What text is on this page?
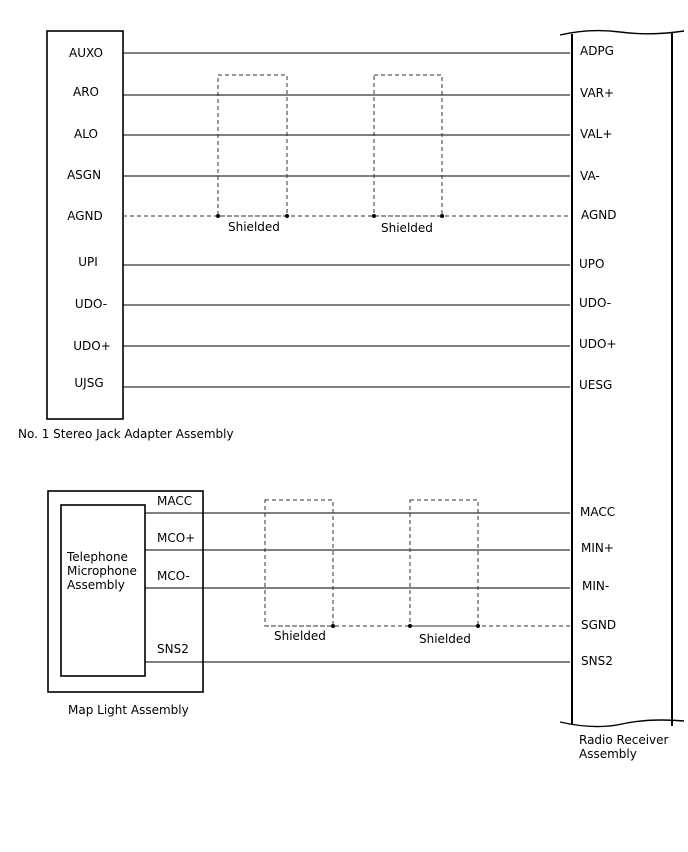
AUXO
ARO
ALO
ASGN
AGND
UPI
UDO-
UDO+
UJSG
No. 1 Stereo Jack Adapter Assembly
ADPG
VAR+
VAL+
VA-
AGND
UPO
UDO-
UDO+
UESG
MACC
MIN+
MIN-
SGND
SNS2
Radio Receiver
Assembly
Shielded	Shielded
Telephone
Microphone
Assembly
MACC
MCO+
MCO-
SNS2
Map Light Assembly
Shielded	Shielded
